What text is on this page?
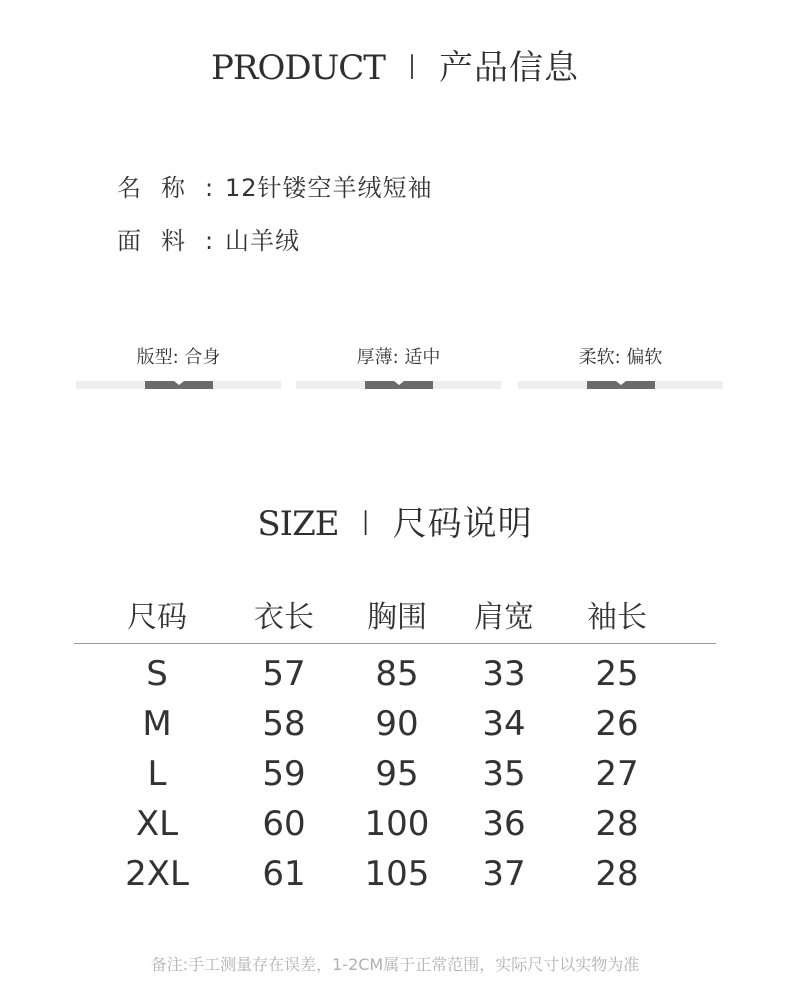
PRODUCT I 产品信息
名称:12针镂空羊绒短袖
面料:山羊绒
版型: 合身	厚薄: 适中	柔软: 偏软
SIZE I 尺码说明
尺码	衣长	胸围	肩宽	袖长
S	57	85	33	25
M	58	90	34	26
L	59	95	35	27
XL	60	100	36	28
2XL	61	105	37	28
备注:手工测量存在误差，1-2CM属于正常范围，实际尺寸以实物为准
